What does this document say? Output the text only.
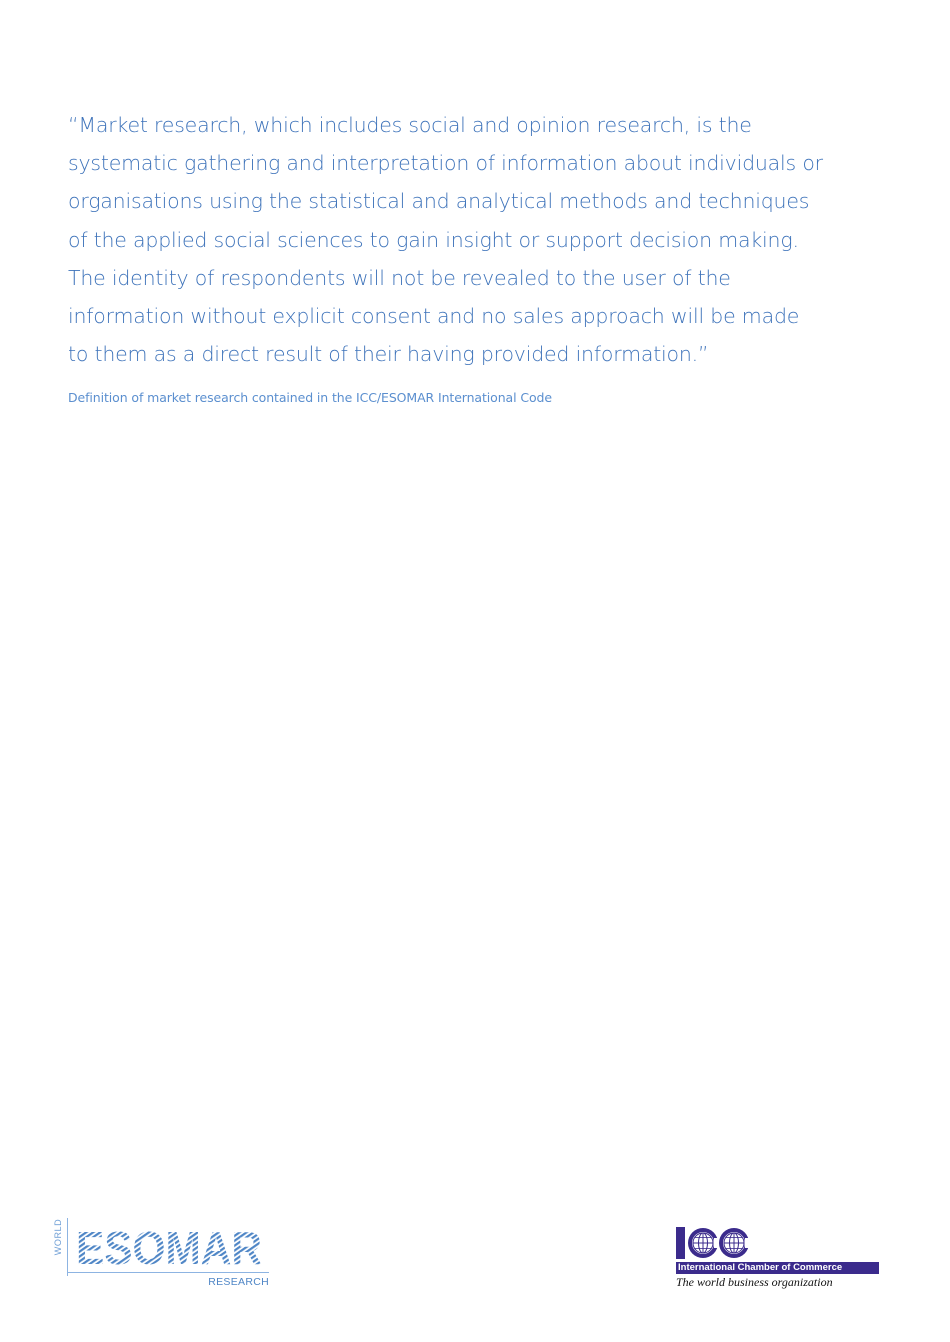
“Market research, which includes social and opinion research, is the
systematic gathering and interpretation of information about individuals or
organisations using the statistical and analytical methods and techniques
of the applied social sciences to gain insight or support decision making.
The identity of respondents will not be revealed to the user of the
information without explicit consent and no sales approach will be made
to them as a direct result of their having provided information.”
Definition of market research contained in the ICC/ESOMAR International Code
WORLD ESOMAR
RESEARCH
International Chamber of Commerce
The world business organization
